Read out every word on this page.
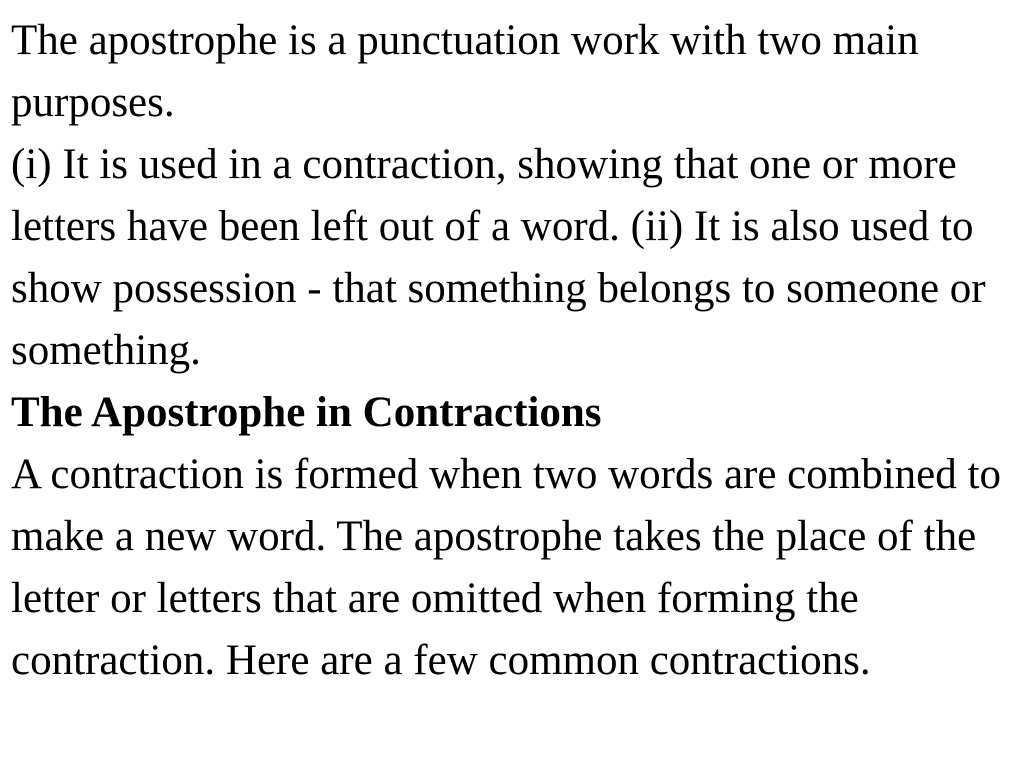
The apostrophe is a punctuation work with two main purposes.

(i) It is used in a contraction, showing that one or more letters have been left out of a word. (ii) It is also used to show possession - that something belongs to someone or something.

The Apostrophe in Contractions

A contraction is formed when two words are combined to make a new word. The apostrophe takes the place of the letter or letters that are omitted when forming the contraction. Here are a few common contractions.
